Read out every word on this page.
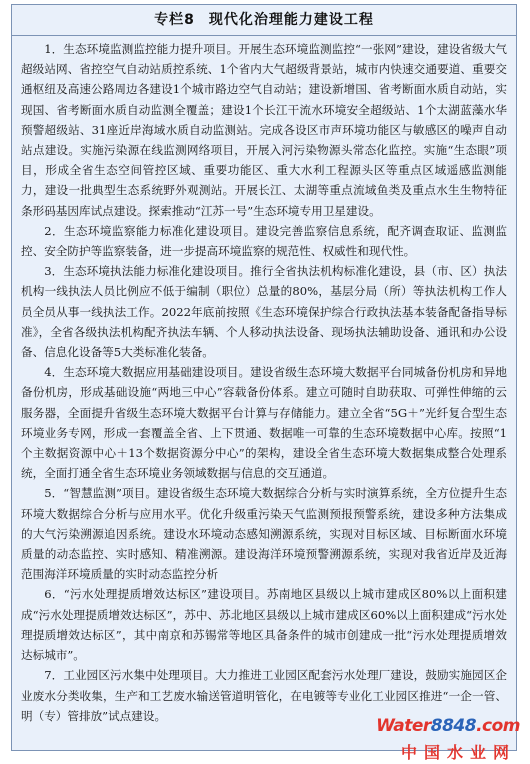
专栏8 现代化治理能力建设工程

1．生态环境监测监控能力提升项目。开展生态环境监测监控“一张网”建设，建设省级大气超级站网、省控空气自动站质控系统、1个省内大气超级背景站，城市内快速交通要道、重要交通枢纽及高速公路周边各建设1个城市路边空气自动站；建设新增国、省考断面水质自动站，实现国、省考断面水质自动监测全覆盖；建设1个长江干流水环境安全超级站、1个太湖蓝藻水华预警超级站、31座近岸海域水质自动监测站。完成各设区市声环境功能区与敏感区的噪声自动站点建设。实施污染源在线监测网络项目，开展入河污染物源头常态化监控。实施“生态眼”项目，形成全省生态空间管控区域、重要功能区、重大水利工程源头区等重点区域遥感监测能力，建设一批典型生态系统野外观测站。开展长江、太湖等重点流域鱼类及重点水生生物特征条形码基因库试点建设。探索推动“江苏一号”生态环境专用卫星建设。

2．生态环境监察能力标准化建设项目。建设完善监察信息系统，配齐调查取证、监测监控、安全防护等监察装备，进一步提高环境监察的规范性、权威性和现代性。

3．生态环境执法能力标准化建设项目。推行全省执法机构标准化建设，县（市、区）执法机构一线执法人员比例应不低于编制（职位）总量的80%，基层分局（所）等执法机构工作人员全员从事一线执法工作。2022年底前按照《生态环境保护综合行政执法基本装备配备指导标准》，全省各级执法机构配齐执法车辆、个人移动执法设备、现场执法辅助设备、通讯和办公设备、信息化设备等5大类标准化装备。

4．生态环境大数据应用基础建设项目。建设省级生态环境大数据平台同城备份机房和异地备份机房，形成基础设施“两地三中心”容载备份体系。建立可随时自助获取、可弹性伸缩的云服务器，全面提升省级生态环境大数据平台计算与存储能力。建立全省“5G＋”光纤复合型生态环境业务专网，形成一套覆盖全省、上下贯通、数据唯一可靠的生态环境数据中心库。按照“1个主数据资源中心＋13个数据资源分中心”的架构，建设全省生态环境大数据集成整合处理系统，全面打通全省生态环境业务领域数据与信息的交互通道。

5．“智慧监测”项目。建设省级生态环境大数据综合分析与实时演算系统，全方位提升生态环境大数据综合分析与应用水平。优化升级重污染天气监测预报预警系统，建设多种方法集成的大气污染溯源追因系统。建设水环境动态感知溯源系统，实现对目标区域、目标断面水环境质量的动态监控、实时感知、精准溯源。建设海洋环境预警溯源系统，实现对我省近岸及近海范围海洋环境质量的实时动态监控分析

6．“污水处理提质增效达标区”建设项目。苏南地区县级以上城市建成区80%以上面积建成“污水处理提质增效达标区”，苏中、苏北地区县级以上城市建成区60%以上面积建成“污水处理提质增效达标区”，其中南京和苏锡常等地区具备条件的城市创建成一批“污水处理提质增效达标城市”。

7．工业园区污水集中处理项目。大力推进工业园区配套污水处理厂建设，鼓励实施园区企业废水分类收集，生产和工艺废水输送管道明管化，在电镀等专业化工业园区推进“一企一管、明（专）管排放”试点建设。

Water8848.com
中国水业网
